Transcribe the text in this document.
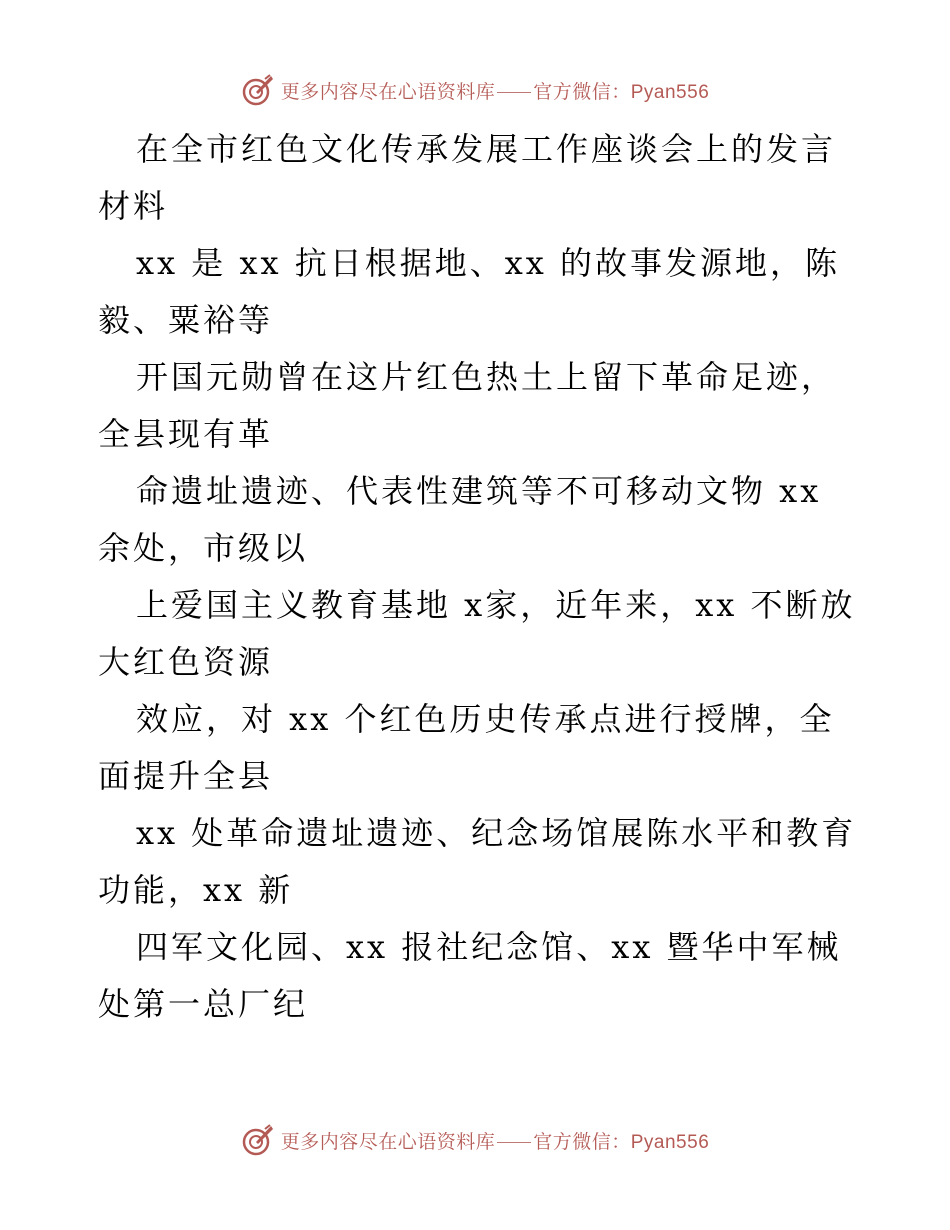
更多内容尽在心语资料库 官方微信：Pyan556

在全市红色文化传承发展工作座谈会上的发言材料

xx 是 xx 抗日根据地、xx 的故事发源地，陈毅、粟裕等

开国元勋曾在这片红色热土上留下革命足迹，全县现有革

命遗址遗迹、代表性建筑等不可移动文物 xx 余处，市级以

上爱国主义教育基地 x家，近年来，xx 不断放大红色资源

效应，对 xx 个红色历史传承点进行授牌，全面提升全县

xx 处革命遗址遗迹、纪念场馆展陈水平和教育功能，xx 新

四军文化园、xx 报社纪念馆、xx 暨华中军械处第一总厂纪

更多内容尽在心语资料库 官方微信：Pyan556
